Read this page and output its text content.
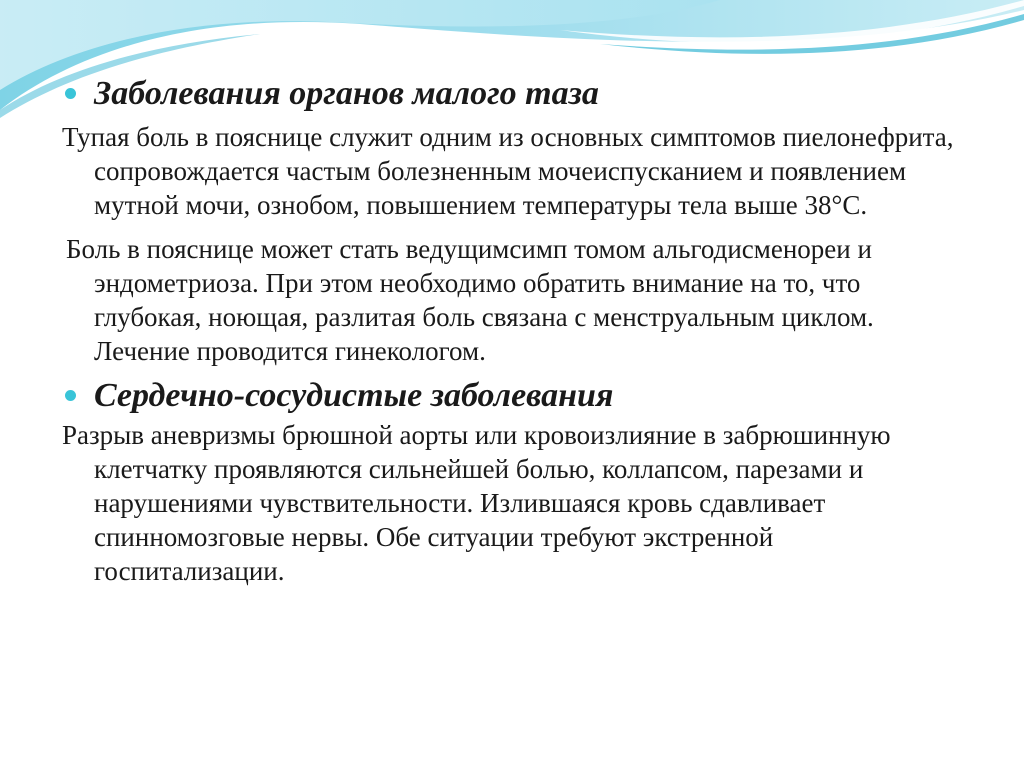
Заболевания органов малого таза

Тупая боль в пояснице служит одним из основных симптомов пиелонефрита, сопровождается частым болезненным мочеиспусканием и появлением мутной мочи, ознобом, повышением температуры тела выше 38°С.

Боль в пояснице может стать ведущимсимп томом альгодисменореи и эндометриоза. При этом необходимо обратить внимание на то, что глубокая, ноющая, разлитая боль связана с менструальным циклом. Лечение проводится гинекологом.

Сердечно-сосудистые заболевания

Разрыв аневризмы брюшной аорты или кровоизлияние в забрюшинную клетчатку проявляются сильнейшей болью, коллапсом, парезами и нарушениями чувствительности. Излившаяся кровь сдавливает спинномозговые нервы. Обе ситуации требуют экстренной госпитализации.
